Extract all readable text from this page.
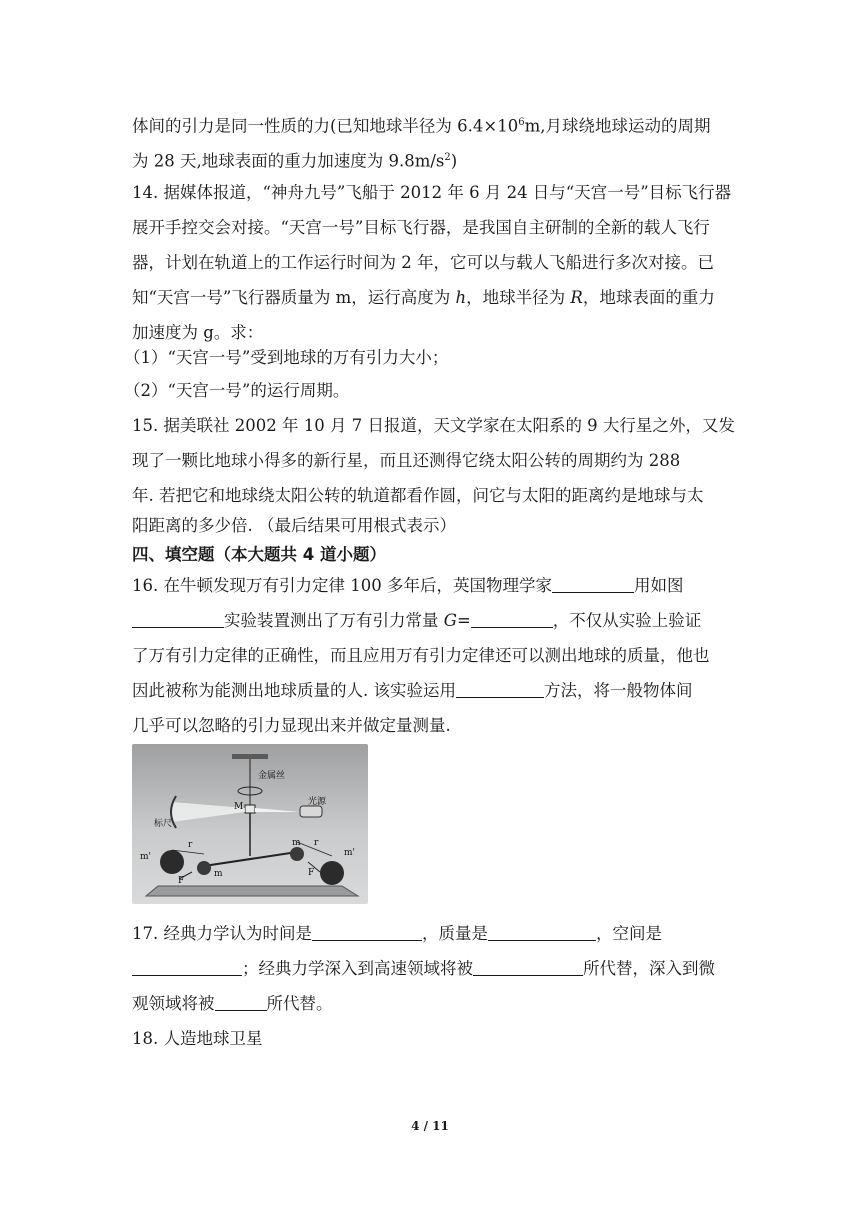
体间的引力是同一性质的力(已知地球半径为 $6.4\times 10^6m$,月球绕地球运动的周期
为 28 天,地球表面的重力加速度为 $9.8m/s^2$)
14. 据媒体报道，“神舟九号”飞船于 2012 年 6 月 24 日与“天宫一号”目标飞行器
展开手控交会对接。“天宫一号”目标飞行器，是我国自主研制的全新的载人飞行
器，计划在轨道上的工作运行时间为 2 年，它可以与载人飞船进行多次对接。已
知“天宫一号”飞行器质量为 m，运行高度为 h，地球半径为 R，地球表面的重力
加速度为 g。求：
（1）“天宫一号”受到地球的万有引力大小；
（2）“天宫一号”的运行周期。
15. 据美联社 2002 年 10 月 7 日报道，天文学家在太阳系的 9 大行星之外，又发
现了一颗比地球小得多的新行星，而且还测得它绕太阳公转的周期约为 288
年. 若把它和地球绕太阳公转的轨道都看作圆，问它与太阳的距离约是地球与太
阳距离的多少倍. （最后结果可用根式表示）
四、填空题（本大题共 4 道小题）
16. 在牛顿发现万有引力定律 100 多年后，英国物理学家	用如图
实验装置测出了万有引力常量 G=	，不仅从实验上验证
了万有引力定律的正确性，而且应用万有引力定律还可以测出地球的质量，他也
因此被称为能测出地球质量的人. 该实验运用	方法，将一般物体间
几乎可以忽略的引力显现出来并做定量测量.
金属丝
光源
标尺
M
m
m
m'	m'
r	r
F
F
17. 经典力学认为时间是	，质量是	，空间是
；经典力学深入到高速领域将被	所代替，深入到微
观领域将被	所代替。
18. 人造地球卫星
4 / 11
